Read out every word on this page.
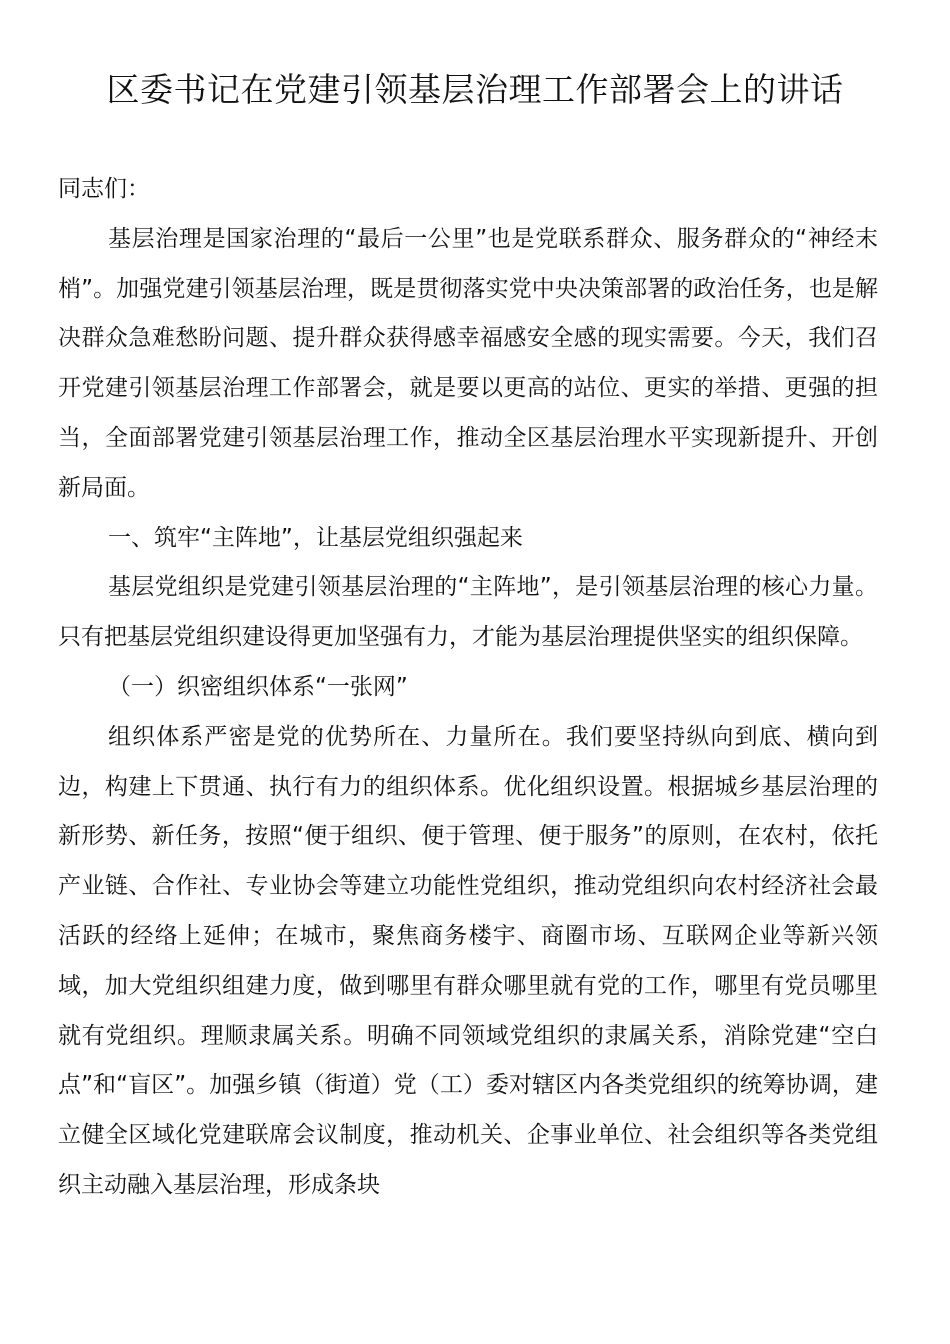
区委书记在党建引领基层治理工作部署会上的讲话

同志们：

基层治理是国家治理的“最后一公里”也是党联系群众、服务群众的“神经末梢”。加强党建引领基层治理，既是贯彻落实党中央决策部署的政治任务，也是解决群众急难愁盼问题、提升群众获得感幸福感安全感的现实需要。今天，我们召开党建引领基层治理工作部署会，就是要以更高的站位、更实的举措、更强的担当，全面部署党建引领基层治理工作，推动全区基层治理水平实现新提升、开创新局面。

一、筑牢“主阵地”，让基层党组织强起来

基层党组织是党建引领基层治理的“主阵地”，是引领基层治理的核心力量。只有把基层党组织建设得更加坚强有力，才能为基层治理提供坚实的组织保障。

（一）织密组织体系“一张网”

组织体系严密是党的优势所在、力量所在。我们要坚持纵向到底、横向到边，构建上下贯通、执行有力的组织体系。优化组织设置。根据城乡基层治理的新形势、新任务，按照“便于组织、便于管理、便于服务”的原则，在农村，依托产业链、合作社、专业协会等建立功能性党组织，推动党组织向农村经济社会最活跃的经络上延伸；在城市，聚焦商务楼宇、商圈市场、互联网企业等新兴领域，加大党组织组建力度，做到哪里有群众哪里就有党的工作，哪里有党员哪里就有党组织。理顺隶属关系。明确不同领域党组织的隶属关系，消除党建“空白点”和“盲区”。加强乡镇（街道）党（工）委对辖区内各类党组织的统筹协调，建立健全区域化党建联席会议制度，推动机关、企事业单位、社会组织等各类党组织主动融入基层治理，形成条块
